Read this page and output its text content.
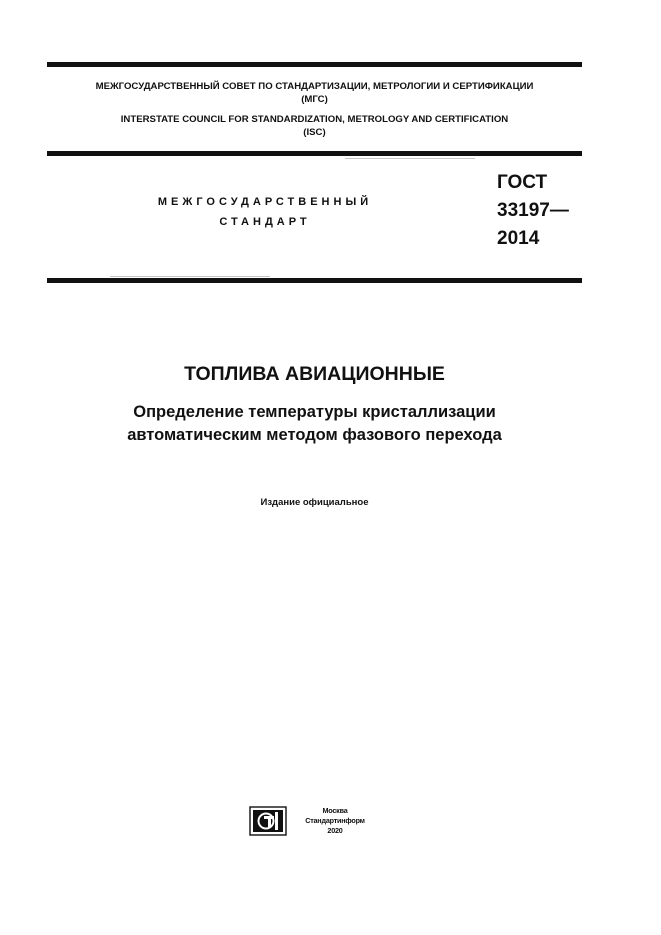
МЕЖГОСУДАРСТВЕННЫЙ СОВЕТ ПО СТАНДАРТИЗАЦИИ, МЕТРОЛОГИИ И СЕРТИФИКАЦИИ
(МГС)
INTERSTATE COUNCIL FOR STANDARDIZATION, METROLOGY AND CERTIFICATION
(ISC)
МЕЖГОСУДАРСТВЕННЫЙ
СТАНДАРТ
ГОСТ
33197—
2014
ТОПЛИВА АВИАЦИОННЫЕ
Определение температуры кристаллизации
автоматическим методом фазового перехода
Издание официальное
Москва
Стандартинформ
2020
